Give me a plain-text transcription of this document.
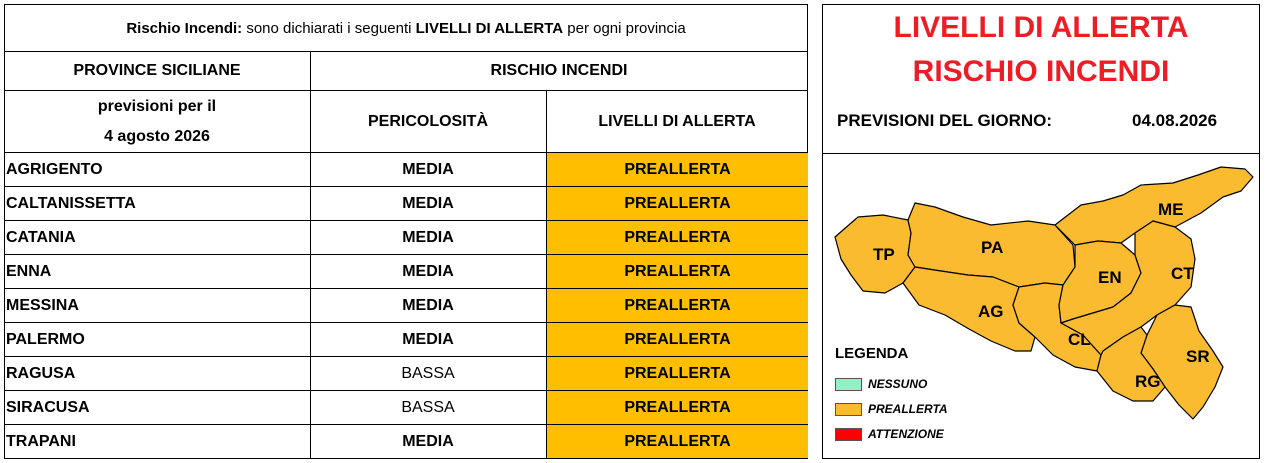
Rischio Incendi: sono dichiarati i seguenti LIVELLI DI ALLERTA per ogni provincia
PROVINCE SICILIANE	RISCHIO INCENDI
previsioni per il
4 agosto 2026
PERICOLOSITÀ	LIVELLI DI ALLERTA
AGRIGENTO	MEDIA	PREALLERTA
CALTANISSETTA	MEDIA	PREALLERTA
CATANIA	MEDIA	PREALLERTA
ENNA	MEDIA	PREALLERTA
MESSINA	MEDIA	PREALLERTA
PALERMO	MEDIA	PREALLERTA
RAGUSA	BASSA	PREALLERTA
SIRACUSA	BASSA	PREALLERTA
TRAPANI	MEDIA	PREALLERTA
LIVELLI DI ALLERTA
RISCHIO INCENDI
PREVISIONI DEL GIORNO:	04.08.2026
TP	PA
ME
EN	CT
AG
CL
SR
RG
LEGENDA
NESSUNO
PREALLERTA
ATTENZIONE
